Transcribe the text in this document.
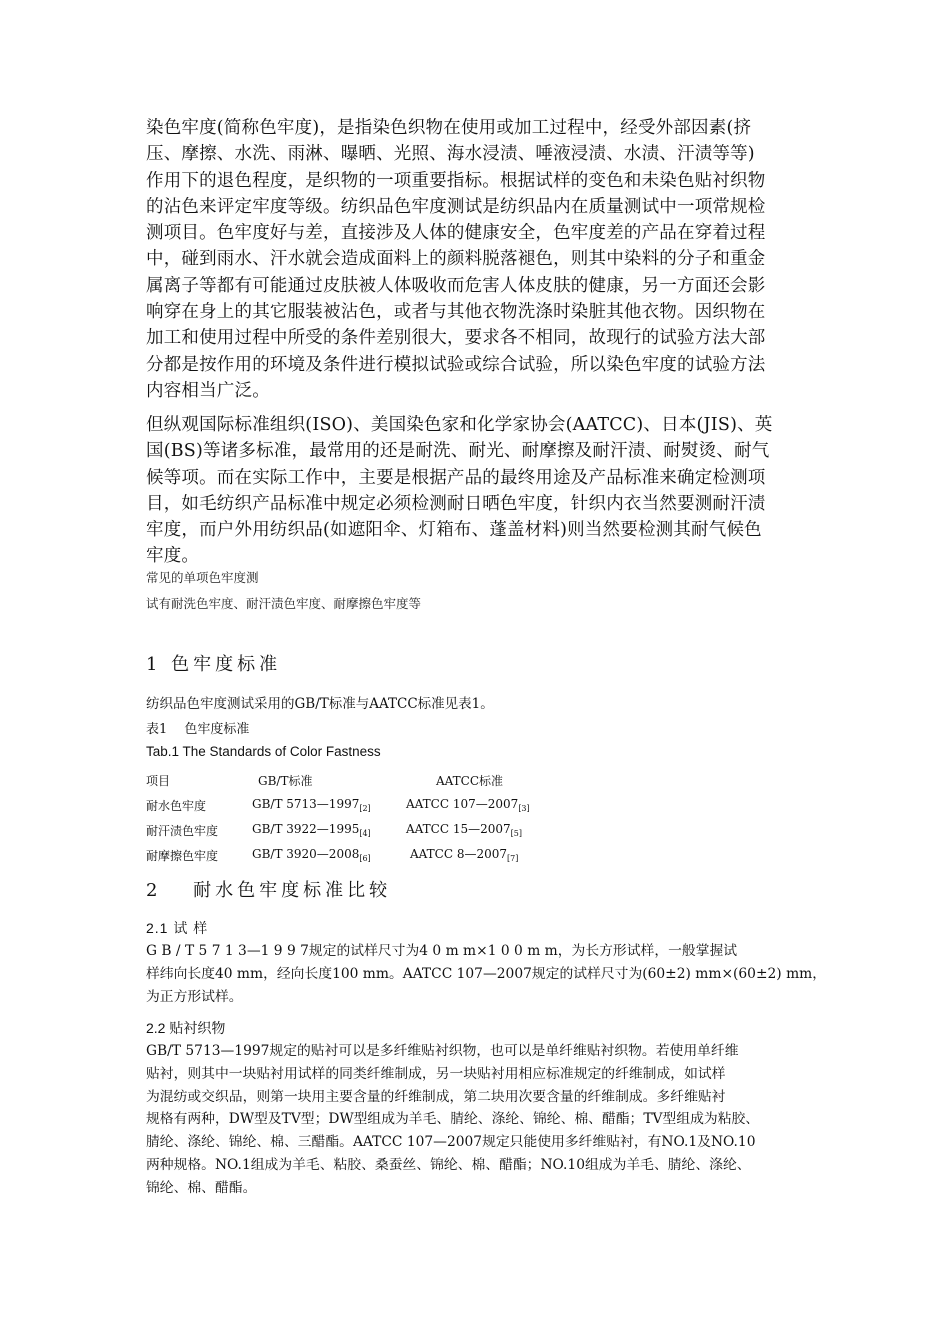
染色牢度(简称色牢度)，是指染色织物在使用或加工过程中，经受外部因素(挤
压、摩擦、水洗、雨淋、曝晒、光照、海水浸渍、唾液浸渍、水渍、汗渍等等)
作用下的退色程度，是织物的一项重要指标。根据试样的变色和未染色贴衬织物
的沾色来评定牢度等级。纺织品色牢度测试是纺织品内在质量测试中一项常规检
测项目。色牢度好与差，直接涉及人体的健康安全，色牢度差的产品在穿着过程
中，碰到雨水、汗水就会造成面料上的颜料脱落褪色，则其中染料的分子和重金
属离子等都有可能通过皮肤被人体吸收而危害人体皮肤的健康，另一方面还会影
响穿在身上的其它服装被沾色，或者与其他衣物洗涤时染脏其他衣物。因织物在
加工和使用过程中所受的条件差别很大，要求各不相同，故现行的试验方法大部
分都是按作用的环境及条件进行模拟试验或综合试验，所以染色牢度的试验方法
内容相当广泛。
但纵观国际标准组织(ISO)、美国染色家和化学家协会(AATCC)、日本(JIS)、英
国(BS)等诸多标准，最常用的还是耐洗、耐光、耐摩擦及耐汗渍、耐熨烫、耐气
候等项。而在实际工作中，主要是根据产品的最终用途及产品标准来确定检测项
目，如毛纺织产品标准中规定必须检测耐日晒色牢度，针织内衣当然要测耐汗渍
牢度，而户外用纺织品(如遮阳伞、灯箱布、蓬盖材料)则当然要检测其耐气候色
牢度。
常见的单项色牢度测
试有耐洗色牢度、耐汗渍色牢度、耐摩擦色牢度等
1 色牢度标准
纺织品色牢度测试采用的GB/T标准与AATCC标准见表1。
表1　 色牢度标准
Tab.1 The Standards of Color Fastness
项目	GB/T标准	AATCC标准
耐水色牢度	GB/T $5713—1997_{[2]}$	AATCC $107—2007_{[3]}$
耐汗渍色牢度	GB/T $3922—1995_{[4]}$	AATCC $15—2007_{[5]}$
耐摩擦色牢度	GB/T $3920—2008_{[6]}$	AATCC $8—2007_{[7]}$
2　 耐水色牢度标准比较
2.1 试 样
G B / T 5 7 1 3—1 9 9 7规定的试样尺寸为4 0 m m×1 0 0 m m，为长方形试样，一般掌握试
样纬向长度40 mm，经向长度100 mm。AATCC 107—2007规定的试样尺寸为(60±2) mm×(60±2) mm，
为正方形试样。
2.2 贴衬织物
GB/T 5713—1997规定的贴衬可以是多纤维贴衬织物，也可以是单纤维贴衬织物。若使用单纤维
贴衬，则其中一块贴衬用试样的同类纤维制成，另一块贴衬用相应标准规定的纤维制成，如试样
为混纺或交织品，则第一块用主要含量的纤维制成，第二块用次要含量的纤维制成。多纤维贴衬
规格有两种，DW型及TV型；DW型组成为羊毛、腈纶、涤纶、锦纶、棉、醋酯；TV型组成为粘胶、
腈纶、涤纶、锦纶、棉、三醋酯。AATCC 107—2007规定只能使用多纤维贴衬，有NO.1及NO.10
两种规格。NO.1组成为羊毛、粘胶、桑蚕丝、锦纶、棉、醋酯；NO.10组成为羊毛、腈纶、涤纶、
锦纶、棉、醋酯。
